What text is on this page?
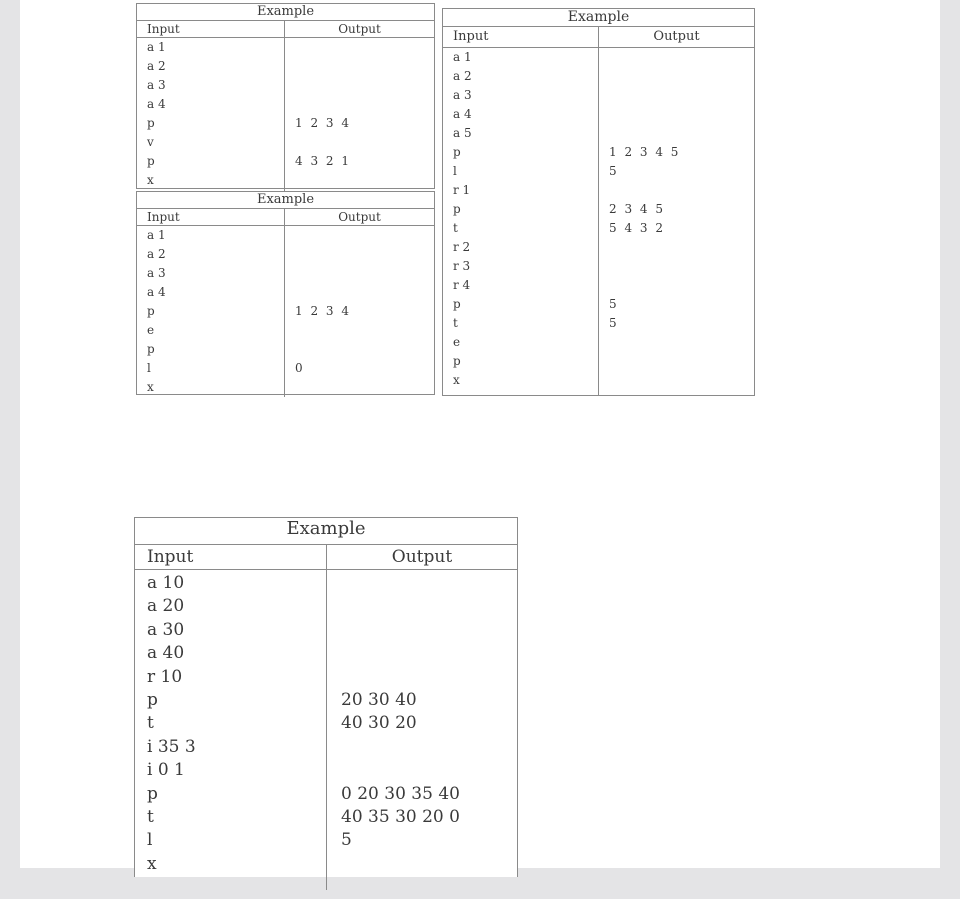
Example
Input	Output
a 1
a 2
a 3
a 4
p	1 2 3 4
v
p	4 3 2 1
x
Example
Input	Output
a 1
a 2
a 3
a 4
p	1 2 3 4
e
p
l	0
x
Example
Input	Output
a 1
a 2
a 3
a 4
a 5
p	1 2 3 4 5
l	5
r 1
p	2 3 4 5
t	5 4 3 2
r 2
r 3
r 4
p	5
t	5
e
p
x
Example
Input	Output
a 10
a 20
a 30
a 40
r 10
p	20 30 40
t	40 30 20
i 35 3
i 0 1
p	0 20 30 35 40
t	40 35 30 20 0
l	5
x
